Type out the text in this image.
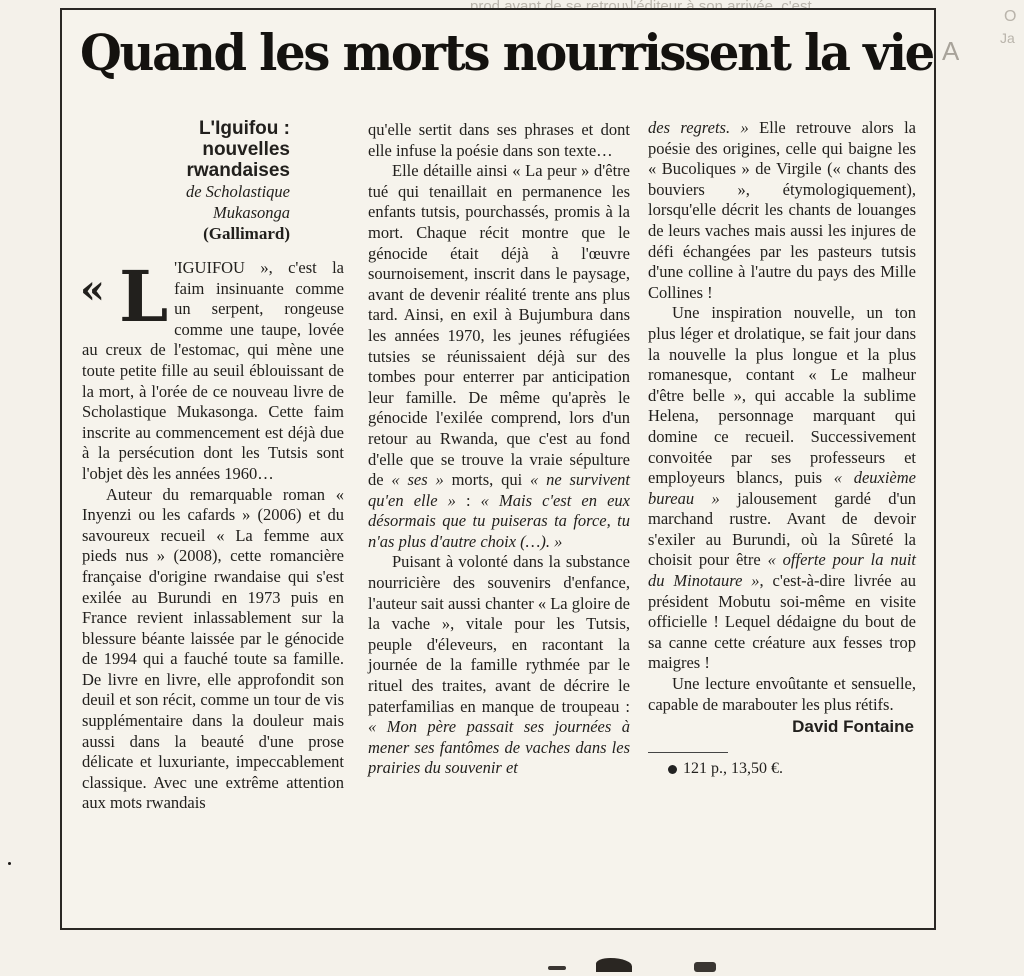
A
O
Ja
Quand les morts nourrissent la vie
L'Iguifou :
nouvelles
rwandaises
de Scholastique
Mukasonga
(Gallimard)

« L 'IGUIFOU », c'est la faim insinuante comme un serpent, rongeuse comme une taupe, lovée au creux de l'estomac, qui mène une toute petite fille au seuil éblouissant de la mort, à l'orée de ce nouveau livre de Scholastique Mukasonga. Cette faim inscrite au commencement est déjà due à la persécution dont les Tutsis sont l'objet dès les années 1960…

Auteur du remarquable roman « Inyenzi ou les cafards » (2006) et du savoureux recueil « La femme aux pieds nus » (2008), cette romancière française d'origine rwandaise qui s'est exilée au Burundi en 1973 puis en France revient inlassablement sur la blessure béante laissée par le génocide de 1994 qui a fauché toute sa famille. De livre en livre, elle approfondit son deuil et son récit, comme un tour de vis supplémentaire dans la douleur mais aussi dans la beauté d'une prose délicate et luxuriante, impeccablement classique. Avec une extrême attention aux mots rwandais

qu'elle sertit dans ses phrases et dont elle infuse la poésie dans son texte…

Elle détaille ainsi « La peur » d'être tué qui tenaillait en permanence les enfants tutsis, pourchassés, promis à la mort. Chaque récit montre que le génocide était déjà à l'œuvre sournoisement, inscrit dans le paysage, avant de devenir réalité trente ans plus tard. Ainsi, en exil à Bujumbura dans les années 1970, les jeunes réfugiées tutsies se réunissaient déjà sur des tombes pour enterrer par anticipation leur famille. De même qu'après le génocide l'exilée comprend, lors d'un retour au Rwanda, que c'est au fond d'elle que se trouve la vraie sépulture de « ses » morts, qui « ne survivent qu'en elle » : « Mais c'est en eux désormais que tu puiseras ta force, tu n'as plus d'autre choix (…). »

Puisant à volonté dans la substance nourricière des souvenirs d'enfance, l'auteur sait aussi chanter « La gloire de la vache », vitale pour les Tutsis, peuple d'éleveurs, en racontant la journée de la famille rythmée par le rituel des traites, avant de décrire le paterfamilias en manque de troupeau : « Mon père passait ses journées à mener ses fantômes de vaches dans les prairies du souvenir et

des regrets. » Elle retrouve alors la poésie des origines, celle qui baigne les « Bucoliques » de Virgile (« chants des bouviers », étymologiquement), lorsqu'elle décrit les chants de louanges de leurs vaches mais aussi les injures de défi échangées par les pasteurs tutsis d'une colline à l'autre du pays des Mille Collines !

Une inspiration nouvelle, un ton plus léger et drolatique, se fait jour dans la nouvelle la plus longue et la plus romanesque, contant « Le malheur d'être belle », qui accable la sublime Helena, personnage marquant qui domine ce recueil. Successivement convoitée par ses professeurs et employeurs blancs, puis « deuxième bureau » jalousement gardé d'un marchand rustre. Avant de devoir s'exiler au Burundi, où la Sûreté la choisit pour être « offerte pour la nuit du Minotaure », c'est-à-dire livrée au président Mobutu soi-même en visite officielle ! Lequel dédaigne du bout de sa canne cette créature aux fesses trop maigres !

Une lecture envoûtante et sensuelle, capable de marabouter les plus rétifs.

David Fontaine
121 p., 13,50 €.
